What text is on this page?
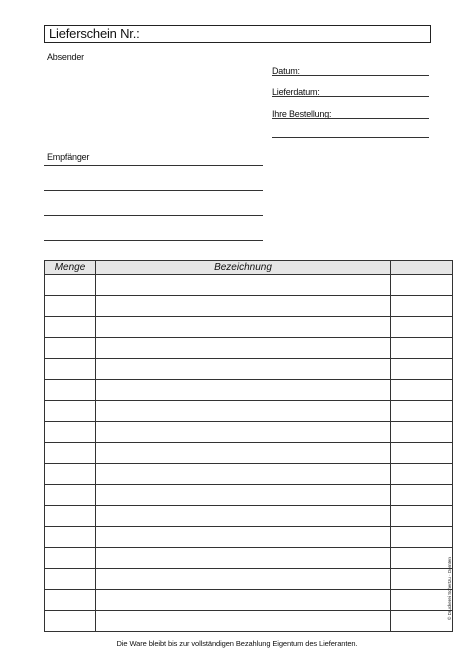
Lieferschein Nr.:
Absender
Datum:
Lieferdatum:
Ihre Bestellung:
Empfänger
Menge	Bezeichnung	

Die Ware bleibt bis zur vollständigen Bezahlung Eigentum des Lieferanten.
© Druckerei Schertzu · Dornten
